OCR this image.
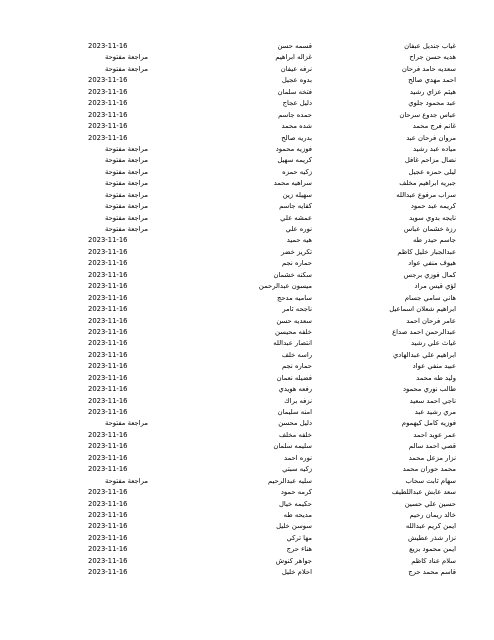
2023-11-16	قسمه حسن	غياب جنديل عبفان
مراجعة مفتوحة	غزاله ابراهيم	هديه حسن جراح
مراجعة مفتوحة	نرفه عيفان	سعديه حامد فرحان
2023-11-16	بدوه عجيل	احمد مهدي صالح
2023-11-16	فتخه سلمان	هيثم عزاي رشيد
2023-11-16	دليل عجاج	عبد محمود جلوي
2023-11-16	حمده جاسم	عباس جدوع سرحان
2023-11-16	شده محمد	غانم فرج محمد
2023-11-16	بدريه صالح	مروان فرحان عبد
مراجعة مفتوحة	فوزيه محمود	مياده عبد رشيد
مراجعة مفتوحة	كريمه سهيل	نضال مزاحم غافل
مراجعة مفتوحة	زكيه حمزه	ليلى حمزه عجيل
مراجعة مفتوحة	سراهيه محمد	جبريه ابراهيم مخلف
مراجعة مفتوحة	سهيله زين	سراب مرفوع عبدالله
مراجعة مفتوحة	كفايه جاسم	كريمه عبد حمود
مراجعة مفتوحة	عمشه علي	نايجه بدوي سويد
مراجعة مفتوحة	نوره علي	رزة خشمان عباس
2023-11-16	هيه حميد	جاسم حيدر طه
2023-11-16	تكريز خضر	عبدالجبار خليل كاظم
2023-11-16	حماره نجم	هيوف منفي عواد
2023-11-16	سكنه خشمان	كمال فوزي برجس
2023-11-16	ميسون عبدالرحمن	لؤي قيس مراد
2023-11-16	ساميه مدحج	هاني سامي جسام
2023-11-16	ناجحه ثامر	ابراهيم شعلان اسماعيل
2023-11-16	سعديه حسن	عامر فرحان احمد
2023-11-16	خلفه محيسن	عبدالرحمن احمد صداع
2023-11-16	انتصار عبدالله	غياث علي رشيد
2023-11-16	راسه خلف	ابراهيم علي عبدالهادي
2023-11-16	حماره نجم	عبيد منفي عواد
2023-11-16	فضيله نعمان	وليد طه محمد
2023-11-16	رفعه هويدي	طالب نوري محمود
2023-11-16	نزفه براك	ناجي احمد سعيد
2023-11-16	امنه سليمان	مري رشيد عبد
مراجعة مفتوحة	دليل محسن	فوزيه كامل كيهموم
2023-11-16	خلفه مخلف	عمر عويد احمد
2023-11-16	سليمه سلمان	قصي احمد سالم
2023-11-16	نوره احمد	نزار مزعل محمد
2023-11-16	زكيه سبتي	محمد حوران محمد
مراجعة مفتوحة	سليه عبدالرحيم	سهام ثابت سحاب
2023-11-16	كرمه حمود	سعد عابش عبداللطيف
2023-11-16	حكيمه خيال	حسين علي حسين
2023-11-16	مديحه طه	خالد ريمان رحيم
2023-11-16	سوسن خليل	ايمن كريم عبدالله
2023-11-16	مها تركي	نزار شذر عطيش
2023-11-16	هناء حرج	ايمن محمود بزيع
2023-11-16	جواهر كنوش	سلام عناد كاظم
2023-11-16	احلام خليل	قاسم محمد حرج
